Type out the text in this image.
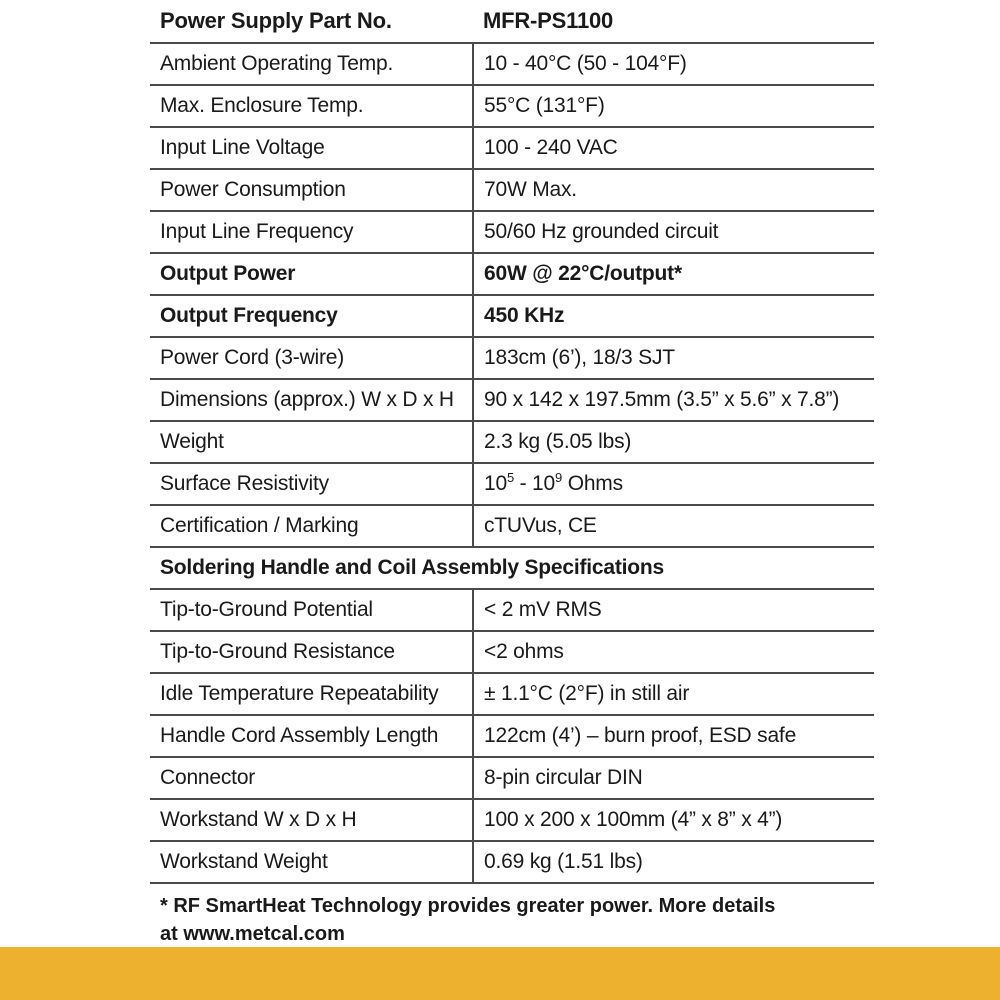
Power Supply Part No.	MFR-PS1100
Ambient Operating Temp.	10 - 40°C (50 - 104°F)
Max. Enclosure Temp.	55°C (131°F)
Input Line Voltage	100 - 240 VAC
Power Consumption	70W Max.
Input Line Frequency	50/60 Hz grounded circuit
Output Power	60W @ 22°C/output*
Output Frequency	450 KHz
Power Cord (3-wire)	183cm (6’), 18/3 SJT
Dimensions (approx.) W x D x H	90 x 142 x 197.5mm (3.5” x 5.6” x 7.8”)
Weight	2.3 kg (5.05 lbs)
Surface Resistivity	$10^5 - 10^9$ Ohms
Certification / Marking	cTUVus, CE
Soldering Handle and Coil Assembly Specifications	
Tip-to-Ground Potential	< 2 mV RMS
Tip-to-Ground Resistance	<2 ohms
Idle Temperature Repeatability	± 1.1°C (2°F) in still air
Handle Cord Assembly Length	122cm (4’) – burn proof, ESD safe
Connector	8-pin circular DIN
Workstand W x D x H	100 x 200 x 100mm (4” x 8” x 4”)
Workstand Weight	0.69 kg (1.51 lbs)
* RF SmartHeat Technology provides greater power. More details
at www.metcal.com
